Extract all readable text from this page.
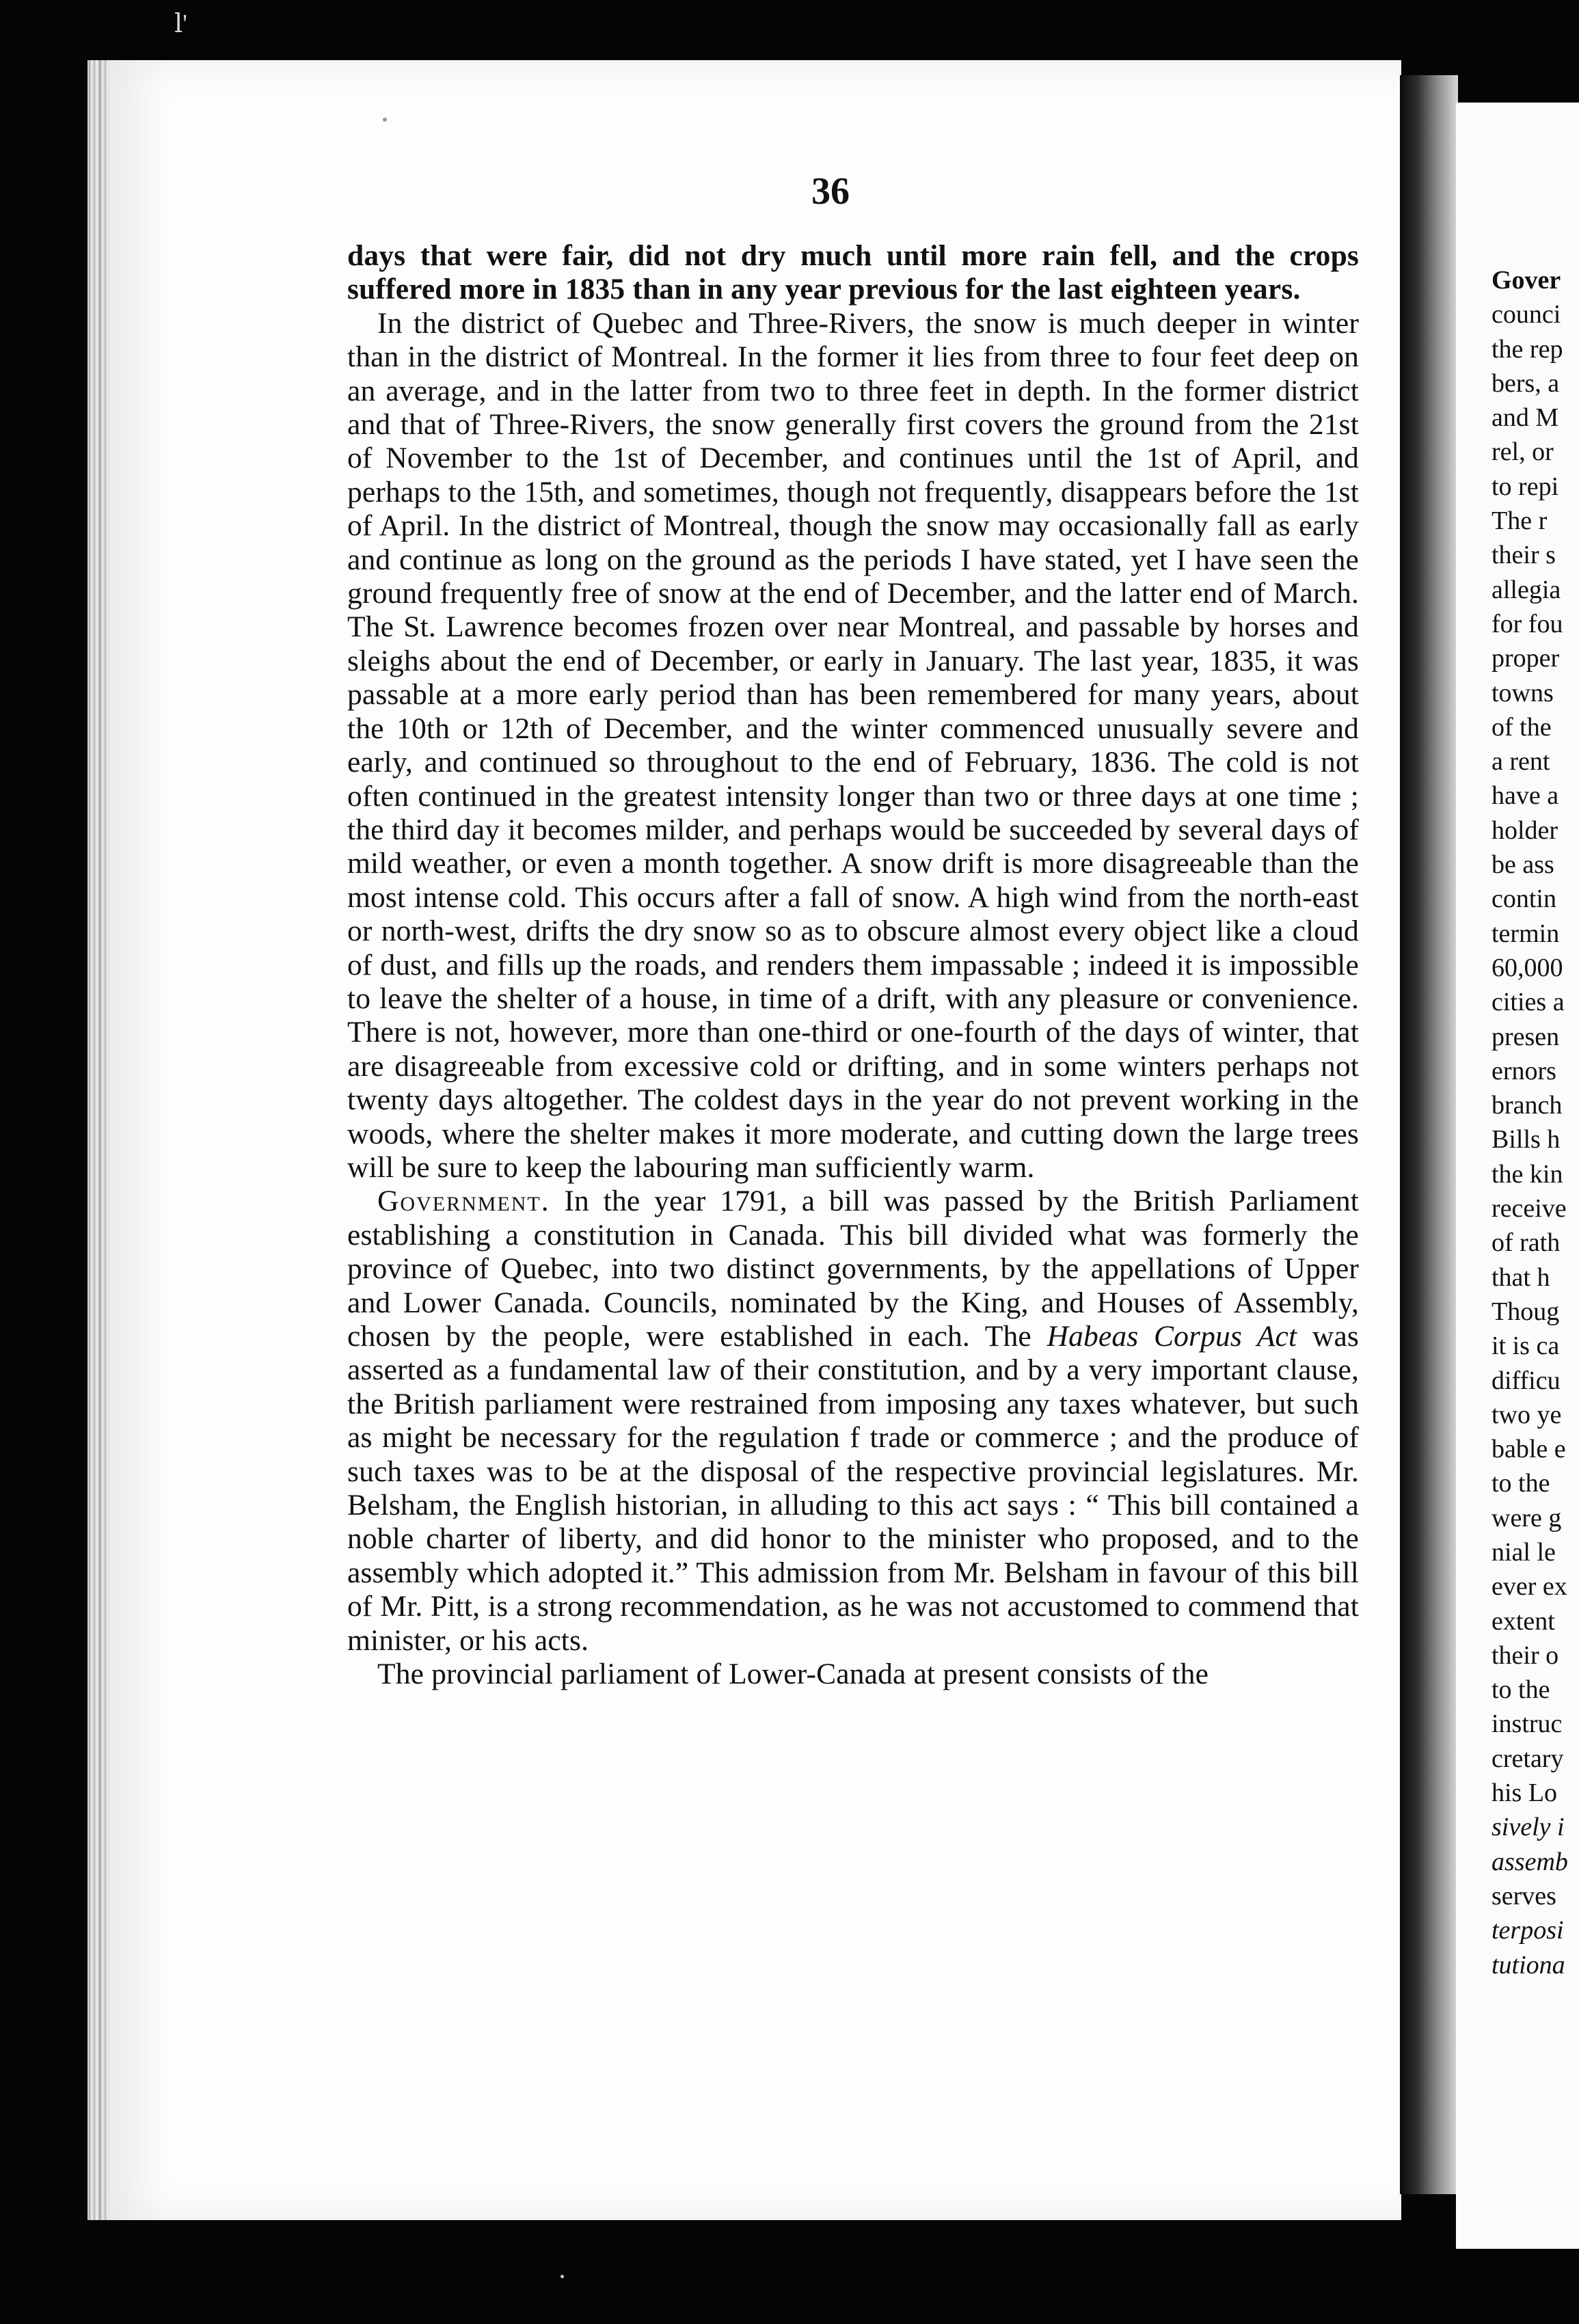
ⅼ'
36

days that were fair, did not dry much until more rain fell, and the crops suffered more in 1835 than in any year previous for the last eighteen years.

In the district of Quebec and Three-Rivers, the snow is much deeper in winter than in the district of Montreal. In the former it lies from three to four feet deep on an average, and in the latter from two to three feet in depth. In the former district and that of Three-Rivers, the snow generally first covers the ground from the 21st of November to the 1st of December, and continues until the 1st of April, and perhaps to the 15th, and sometimes, though not frequently, disappears before the 1st of April. In the district of Montreal, though the snow may occasionally fall as early and continue as long on the ground as the periods I have stated, yet I have seen the ground frequently free of snow at the end of December, and the latter end of March. The St. Lawrence becomes frozen over near Montreal, and passable by horses and sleighs about the end of December, or early in January. The last year, 1835, it was passable at a more early period than has been remembered for many years, about the 10th or 12th of December, and the winter commenced unusually severe and early, and continued so throughout to the end of February, 1836. The cold is not often continued in the greatest intensity longer than two or three days at one time ; the third day it becomes milder, and perhaps would be succeeded by several days of mild weather, or even a month together. A snow drift is more disagreeable than the most intense cold. This occurs after a fall of snow. A high wind from the north-east or north-west, drifts the dry snow so as to obscure almost every object like a cloud of dust, and fills up the roads, and renders them impassable ; indeed it is impossible to leave the shelter of a house, in time of a drift, with any pleasure or convenience. There is not, however, more than one-third or one-fourth of the days of winter, that are disagreeable from excessive cold or drifting, and in some winters perhaps not twenty days altogether. The coldest days in the year do not prevent working in the woods, where the shelter makes it more moderate, and cutting down the large trees will be sure to keep the labouring man sufficiently warm.

Government. In the year 1791, a bill was passed by the British Parliament establishing a constitution in Canada. This bill divided what was formerly the province of Quebec, into two distinct governments, by the appellations of Upper and Lower Canada. Councils, nominated by the King, and Houses of Assembly, chosen by the people, were established in each. The Habeas Corpus Act was asserted as a fundamental law of their constitution, and by a very important clause, the British parliament were restrained from imposing any taxes whatever, but such as might be necessary for the regulation f trade or commerce ; and the produce of such taxes was to be at the disposal of the respective provincial legislatures. Mr. Belsham, the English historian, in alluding to this act says : “ This bill contained a noble charter of liberty, and did honor to the minister who proposed, and to the assembly which adopted it.” This admission from Mr. Belsham in favour of this bill of Mr. Pitt, is a strong recommendation, as he was not accustomed to commend that minister, or his acts.

The provincial parliament of Lower-Canada at present consists of the

Gover
counci
the rep
bers, a
and M
rel, or
to repi
The r
their s
allegia
for fou
proper
towns
of the
a rent
have a
holder
be ass
contin
termin
60,000
cities a
presen
ernors
branch
Bills h
the kin
receive
of rath
that h
Thoug
it is ca
difficu
two ye
bable e
to the
were g
nial le
ever ex
extent
their o
to the
instruc
cretary
his Lo
sively i
assemb
serves
terposi
tutiona
